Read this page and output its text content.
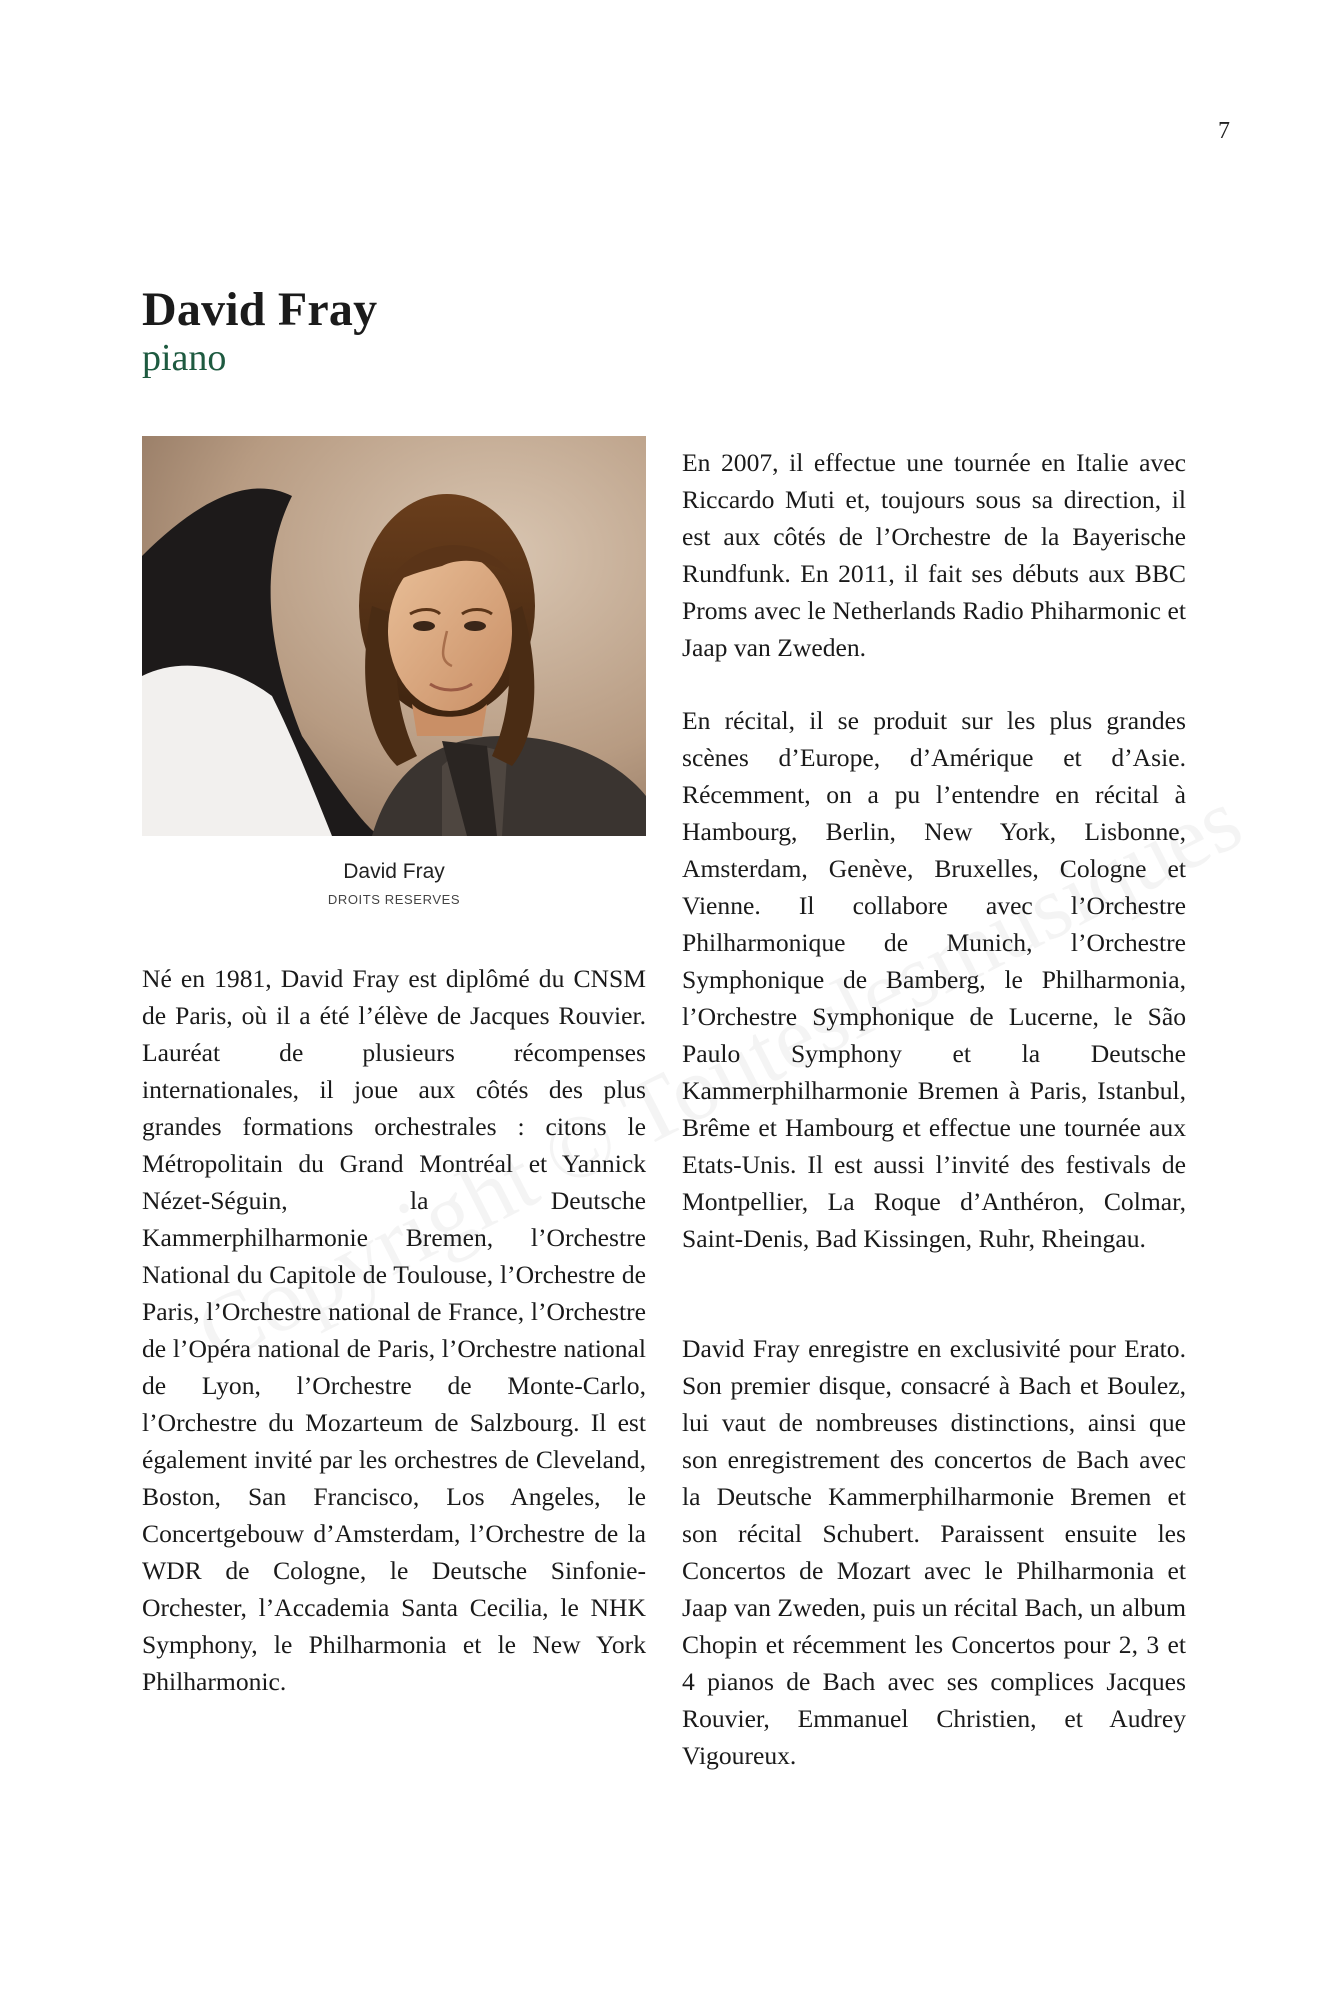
7
David Fray
piano
David Fray
DROITS RESERVES

Né en 1981, David Fray est diplômé du CNSM de Paris, où il a été l’élève de Jacques Rouvier. Lauréat de plusieurs récompenses internationales, il joue aux côtés des plus grandes formations orchestrales : citons le Métropolitain du Grand Montréal et Yannick Nézet-Séguin, la Deutsche Kammerphilharmonie Bremen, l’Orchestre National du Capitole de Toulouse, l’Orchestre de Paris, l’Orchestre national de France, l’Orchestre de l’Opéra national de Paris, l’Orchestre national de Lyon, l’Orchestre de Monte-Carlo, l’Orchestre du Mozarteum de Salzbourg. Il est également invité par les orchestres de Cleveland, Boston, San Francisco, Los Angeles, le Concertgebouw d’Amsterdam, l’Orchestre de la WDR de Cologne, le Deutsche Sinfonie-Orchester, l’Accademia Santa Cecilia, le NHK Symphony, le Philharmonia et le New York Philharmonic.

En 2007, il effectue une tournée en Italie avec Riccardo Muti et, toujours sous sa direction, il est aux côtés de l’Orchestre de la Bayerische Rundfunk. En 2011, il fait ses débuts aux BBC Proms avec le Netherlands Radio Phiharmonic et Jaap van Zweden.

En récital, il se produit sur les plus grandes scènes d’Europe, d’Amérique et d’Asie. Récemment, on a pu l’entendre en récital à Hambourg, Berlin, New York, Lisbonne, Amsterdam, Genève, Bruxelles, Cologne et Vienne. Il collabore avec l’Orchestre Philharmonique de Munich, l’Orchestre Symphonique de Bamberg, le Philharmonia, l’Orchestre Symphonique de Lucerne, le São Paulo Symphony et la Deutsche Kammerphilharmonie Bremen à Paris, Istanbul, Brême et Hambourg et effectue une tournée aux Etats-Unis. Il est aussi l’invité des festivals de Montpellier, La Roque d’Anthéron, Colmar, Saint-Denis, Bad Kissingen, Ruhr, Rheingau.

David Fray enregistre en exclusivité pour Erato. Son premier disque, consacré à Bach et Boulez, lui vaut de nombreuses distinctions, ainsi que son enregistrement des concertos de Bach avec la Deutsche Kammerphilharmonie Bremen et son récital Schubert. Paraissent ensuite les Concertos de Mozart avec le Philharmonia et Jaap van Zweden, puis un récital Bach, un album Chopin et récemment les Concertos pour 2, 3 et 4 pianos de Bach avec ses complices Jacques Rouvier, Emmanuel Christien, et Audrey Vigoureux.
